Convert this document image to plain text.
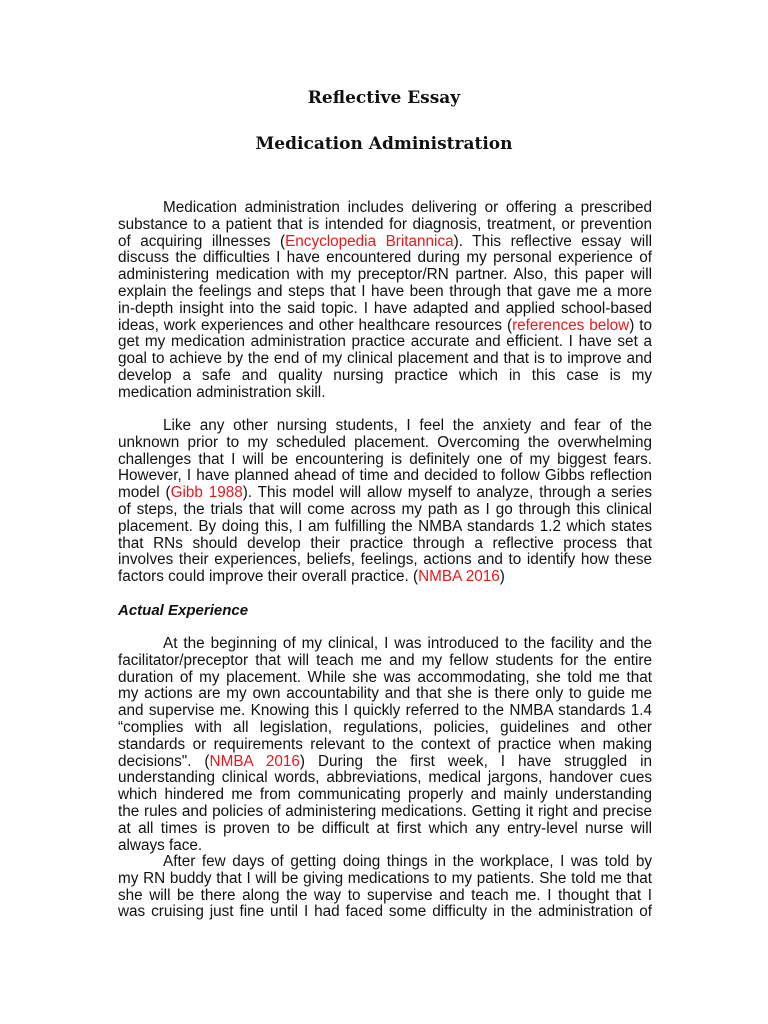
Reflective Essay
Medication Administration
Medication administration includes delivering or offering a prescribed
substance to a patient that is intended for diagnosis, treatment, or prevention
of acquiring illnesses (Encyclopedia Britannica). This reflective essay will
discuss the difficulties I have encountered during my personal experience of
administering medication with my preceptor/RN partner. Also, this paper will
explain the feelings and steps that I have been through that gave me a more
in-depth insight into the said topic. I have adapted and applied school-based
ideas, work experiences and other healthcare resources (references below) to
get my medication administration practice accurate and efficient. I have set a
goal to achieve by the end of my clinical placement and that is to improve and
develop a safe and quality nursing practice which in this case is my
medication administration skill.
Like any other nursing students, I feel the anxiety and fear of the
unknown prior to my scheduled placement. Overcoming the overwhelming
challenges that I will be encountering is definitely one of my biggest fears.
However, I have planned ahead of time and decided to follow Gibbs reflection
model (Gibb 1988). This model will allow myself to analyze, through a series
of steps, the trials that will come across my path as I go through this clinical
placement. By doing this, I am fulfilling the NMBA standards 1.2 which states
that RNs should develop their practice through a reflective process that
involves their experiences, beliefs, feelings, actions and to identify how these
factors could improve their overall practice. (NMBA 2016)
Actual Experience
At the beginning of my clinical, I was introduced to the facility and the
facilitator/preceptor that will teach me and my fellow students for the entire
duration of my placement. While she was accommodating, she told me that
my actions are my own accountability and that she is there only to guide me
and supervise me. Knowing this I quickly referred to the NMBA standards 1.4
“complies with all legislation, regulations, policies, guidelines and other
standards or requirements relevant to the context of practice when making
decisions". (NMBA 2016) During the first week, I have struggled in
understanding clinical words, abbreviations, medical jargons, handover cues
which hindered me from communicating properly and mainly understanding
the rules and policies of administering medications. Getting it right and precise
at all times is proven to be difficult at first which any entry-level nurse will
always face.
After few days of getting doing things in the workplace, I was told by
my RN buddy that I will be giving medications to my patients. She told me that
she will be there along the way to supervise and teach me. I thought that I
was cruising just fine until I had faced some difficulty in the administration of
